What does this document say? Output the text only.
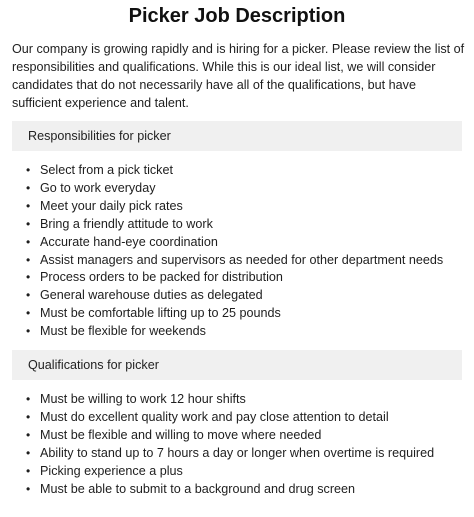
Picker Job Description

Our company is growing rapidly and is hiring for a picker. Please review the list of responsibilities and qualifications. While this is our ideal list, we will consider candidates that do not necessarily have all of the qualifications, but have sufficient experience and talent.

Responsibilities for picker
• Select from a pick ticket
• Go to work everyday
• Meet your daily pick rates
• Bring a friendly attitude to work
• Accurate hand-eye coordination
• Assist managers and supervisors as needed for other department needs
• Process orders to be packed for distribution
• General warehouse duties as delegated
• Must be comfortable lifting up to 25 pounds
• Must be flexible for weekends
Qualifications for picker
• Must be willing to work 12 hour shifts
• Must do excellent quality work and pay close attention to detail
• Must be flexible and willing to move where needed
• Ability to stand up to 7 hours a day or longer when overtime is required
• Picking experience a plus
• Must be able to submit to a background and drug screen
